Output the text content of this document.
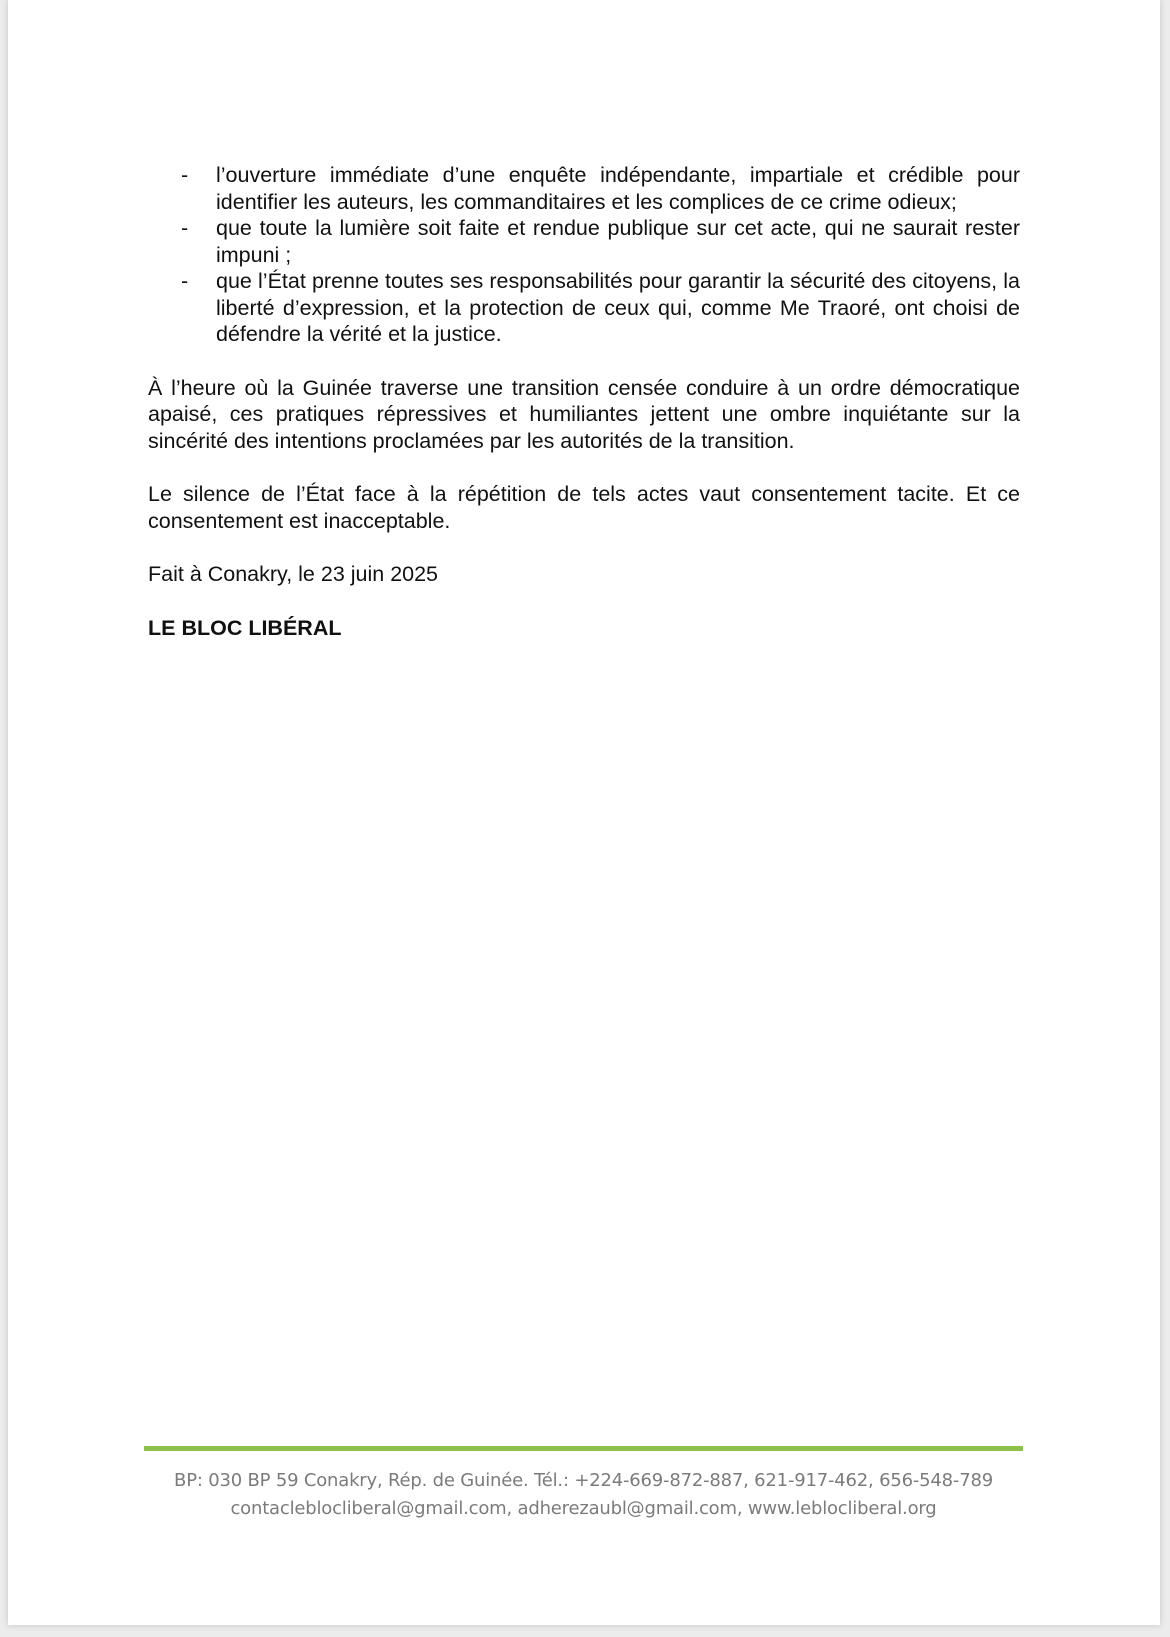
- l’ouverture immédiate d’une enquête indépendante, impartiale et crédible pour identifier les auteurs, les commanditaires et les complices de ce crime odieux;
- que toute la lumière soit faite et rendue publique sur cet acte, qui ne saurait rester impuni ;
- que l’État prenne toutes ses responsabilités pour garantir la sécurité des citoyens, la liberté d’expression, et la protection de ceux qui, comme Me Traoré, ont choisi de défendre la vérité et la justice.

À l’heure où la Guinée traverse une transition censée conduire à un ordre démocratique apaisé, ces pratiques répressives et humiliantes jettent une ombre inquiétante sur la sincérité des intentions proclamées par les autorités de la transition.

Le silence de l’État face à la répétition de tels actes vaut consentement tacite. Et ce consentement est inacceptable.

Fait à Conakry, le 23 juin 2025

LE BLOC LIBÉRAL

BP: 030 BP 59 Conakry, Rép. de Guinée. Tél.: +224-669-872-887, 621-917-462, 656-548-789
contacleblocliberal@gmail.com, adherezaubl@gmail.com, www.leblocliberal.org
